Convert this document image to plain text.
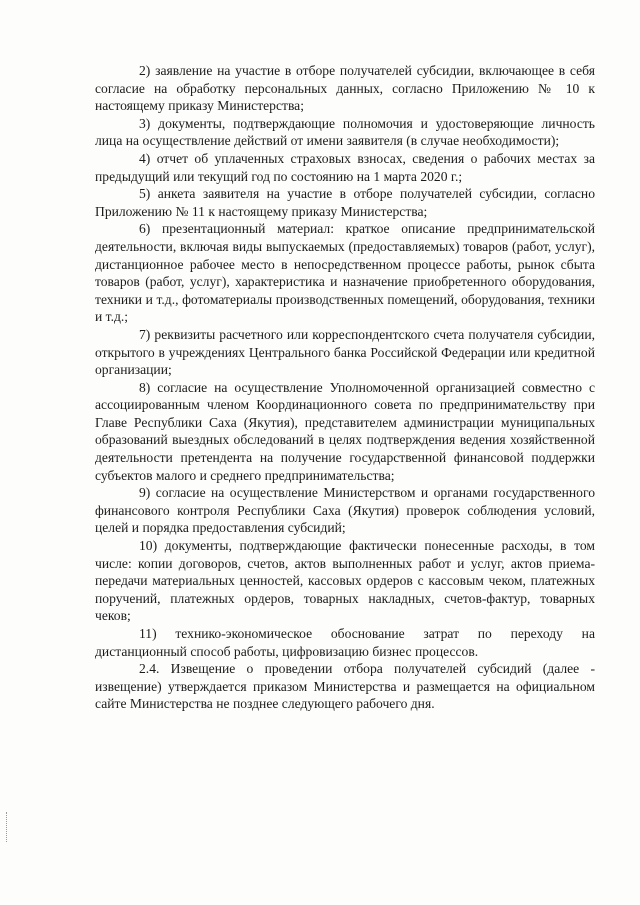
2) заявление на участие в отборе получателей субсидии, включающее в себя согласие на обработку персональных данных, согласно Приложению № 10 к настоящему приказу Министерства;

3) документы, подтверждающие полномочия и удостоверяющие личность лица на осуществление действий от имени заявителя (в случае необходимости);

4) отчет об уплаченных страховых взносах, сведения о рабочих местах за предыдущий или текущий год по состоянию на 1 марта 2020 г.;

5) анкета заявителя на участие в отборе получателей субсидии, согласно Приложению № 11 к настоящему приказу Министерства;

6) презентационный материал: краткое описание предпринимательской деятельности, включая виды выпускаемых (предоставляемых) товаров (работ, услуг), дистанционное рабочее место в непосредственном процессе работы, рынок сбыта товаров (работ, услуг), характеристика и назначение приобретенного оборудования, техники и т.д., фотоматериалы производственных помещений, оборудования, техники и т.д.;

7) реквизиты расчетного или корреспондентского счета получателя субсидии, открытого в учреждениях Центрального банка Российской Федерации или кредитной организации;

8) согласие на осуществление Уполномоченной организацией совместно с ассоциированным членом Координационного совета по предпринимательству при Главе Республики Саха (Якутия), представителем администрации муниципальных образований выездных обследований в целях подтверждения ведения хозяйственной деятельности претендента на получение государственной финансовой поддержки субъектов малого и среднего предпринимательства;

9) согласие на осуществление Министерством и органами государственного финансового контроля Республики Саха (Якутия) проверок соблюдения условий, целей и порядка предоставления субсидий;

10) документы, подтверждающие фактически понесенные расходы, в том числе: копии договоров, счетов, актов выполненных работ и услуг, актов приема-передачи материальных ценностей, кассовых ордеров с кассовым чеком, платежных поручений, платежных ордеров, товарных накладных, счетов-фактур, товарных чеков;

11) технико-экономическое обоснование затрат по переходу на дистанционный способ работы, цифровизацию бизнес процессов.

2.4. Извещение о проведении отбора получателей субсидий (далее - извещение) утверждается приказом Министерства и размещается на официальном сайте Министерства не позднее следующего рабочего дня.
